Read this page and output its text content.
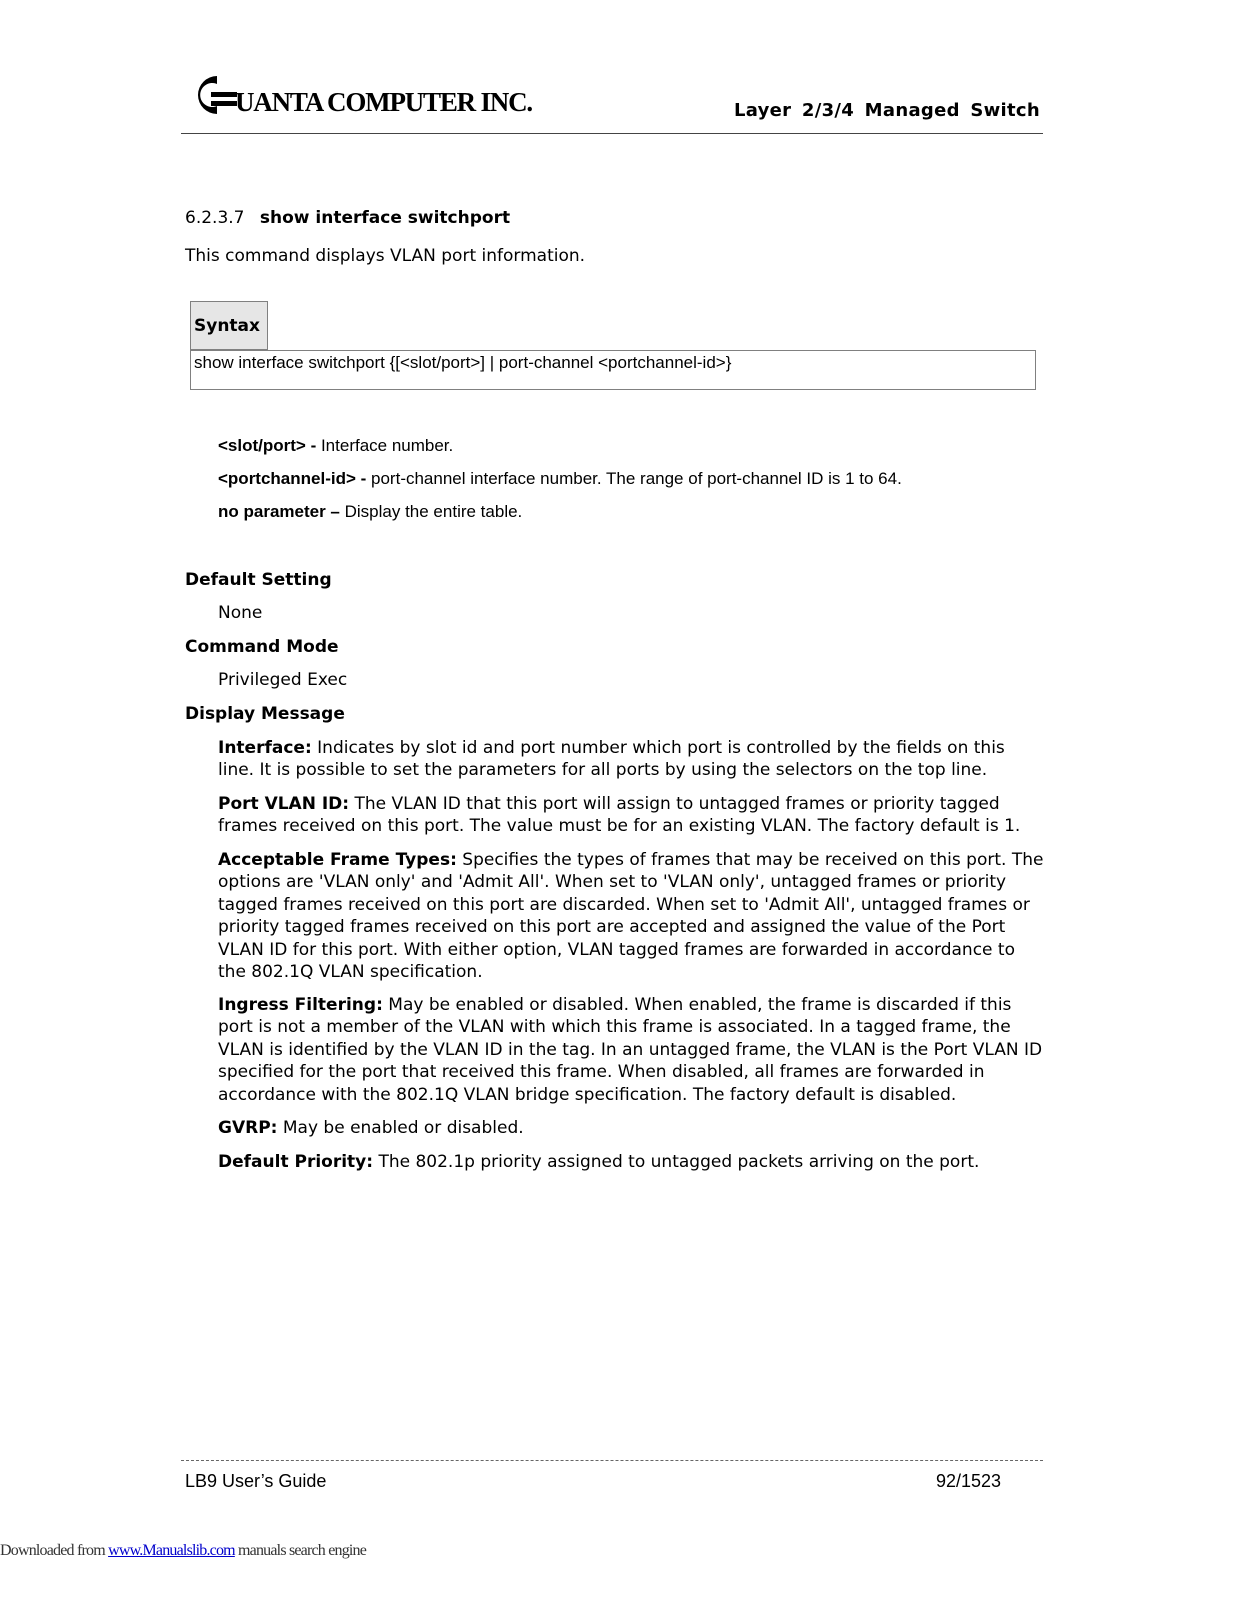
UANTA COMPUTER INC.	Layer 2/3/4 Managed Switch
6.2.3.7 show interface switchport
This command displays VLAN port information.
Syntax
show interface switchport {[<slot/port>] | port-channel <portchannel-id>}
<slot/port> - Interface number.
<portchannel-id> - port-channel interface number. The range of port-channel ID is 1 to 64.
no parameter – Display the entire table.
Default Setting
None
Command Mode
Privileged Exec
Display Message
Interface: Indicates by slot id and port number which port is controlled by the fields on this line. It is possible to set the parameters for all ports by using the selectors on the top line.
Port VLAN ID: The VLAN ID that this port will assign to untagged frames or priority tagged frames received on this port. The value must be for an existing VLAN. The factory default is 1.
Acceptable Frame Types: Specifies the types of frames that may be received on this port. The options are 'VLAN only' and 'Admit All'. When set to 'VLAN only', untagged frames or priority tagged frames received on this port are discarded. When set to 'Admit All', untagged frames or priority tagged frames received on this port are accepted and assigned the value of the Port VLAN ID for this port. With either option, VLAN tagged frames are forwarded in accordance to the 802.1Q VLAN specification.
Ingress Filtering: May be enabled or disabled. When enabled, the frame is discarded if this port is not a member of the VLAN with which this frame is associated. In a tagged frame, the VLAN is identified by the VLAN ID in the tag. In an untagged frame, the VLAN is the Port VLAN ID specified for the port that received this frame. When disabled, all frames are forwarded in accordance with the 802.1Q VLAN bridge specification. The factory default is disabled.
GVRP: May be enabled or disabled.
Default Priority: The 802.1p priority assigned to untagged packets arriving on the port.
LB9 User’s Guide	92/1523
Downloaded from www.Manualslib.com manuals search engine
